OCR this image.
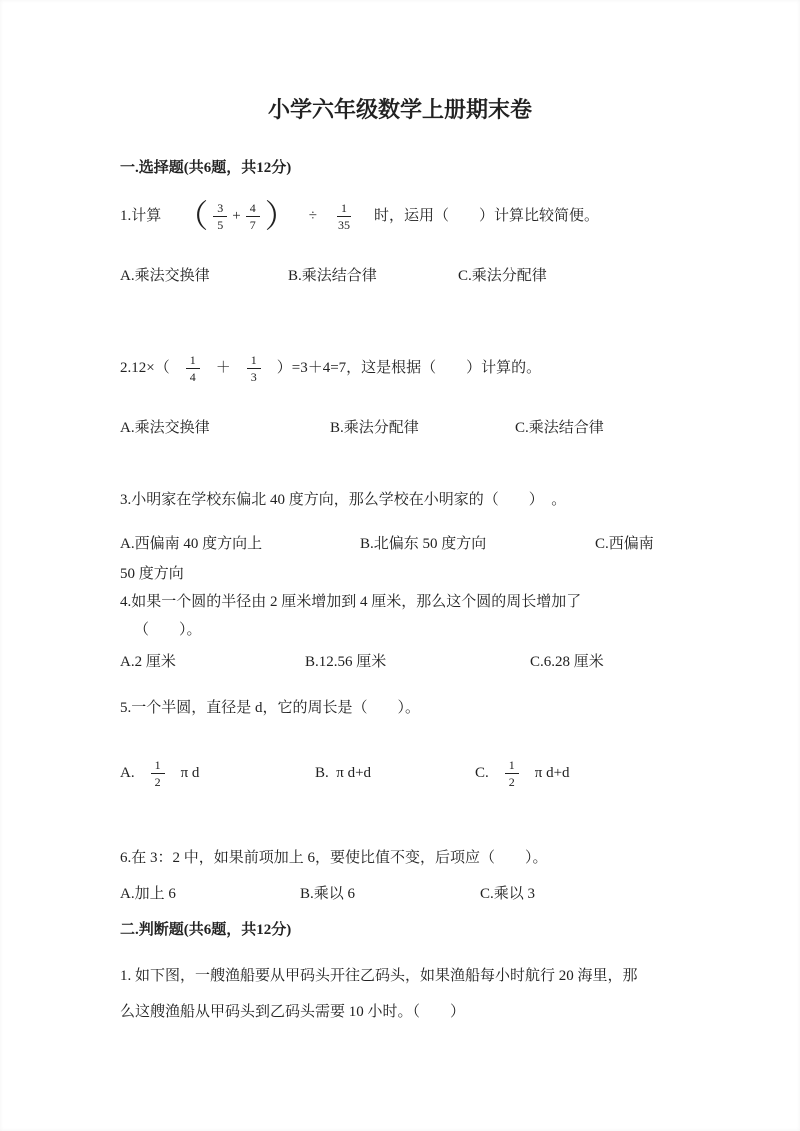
小学六年级数学上册期末卷
一.选择题(共6题，共12分)
1.计算　 （ $\frac{3}{5} + \frac{4}{7}$ ） ÷ $\frac{1}{35}$ 　时，运用（　　）计算比较简便。
A.乘法交换律	B.乘法结合律	C.乘法分配律
$2.12\times( \frac{1}{4} + \frac{1}{3} )=3+4=7$，这是根据（　　）计算的。
A.乘法交换律	B.乘法分配律	C.乘法结合律
3.小明家在学校东偏北 40 度方向，那么学校在小明家的（　　）　。
A.西偏南 40 度方向上	B.北偏东 50 度方向	C.西偏南
50 度方向
4.如果一个圆的半径由 2 厘米增加到 4 厘米，那么这个圆的周长增加了
（　　）。
A.2 厘米	B.12.56 厘米	C.6.28 厘米
5.一个半圆，直径是 d，它的周长是（　　）。
A. $\frac{1}{2}$ π d	B.  π d+d	C. $\frac{1}{2}$ π d+d
6.在 3：2 中，如果前项加上 6，要使比值不变，后项应（　　）。
A.加上 6	B.乘以 6	C.乘以 3
二.判断题(共6题，共12分)
1. 如下图，一艘渔船要从甲码头开往乙码头，如果渔船每小时航行 20 海里，那
么这艘渔船从甲码头到乙码头需要 10 小时。（　　）
